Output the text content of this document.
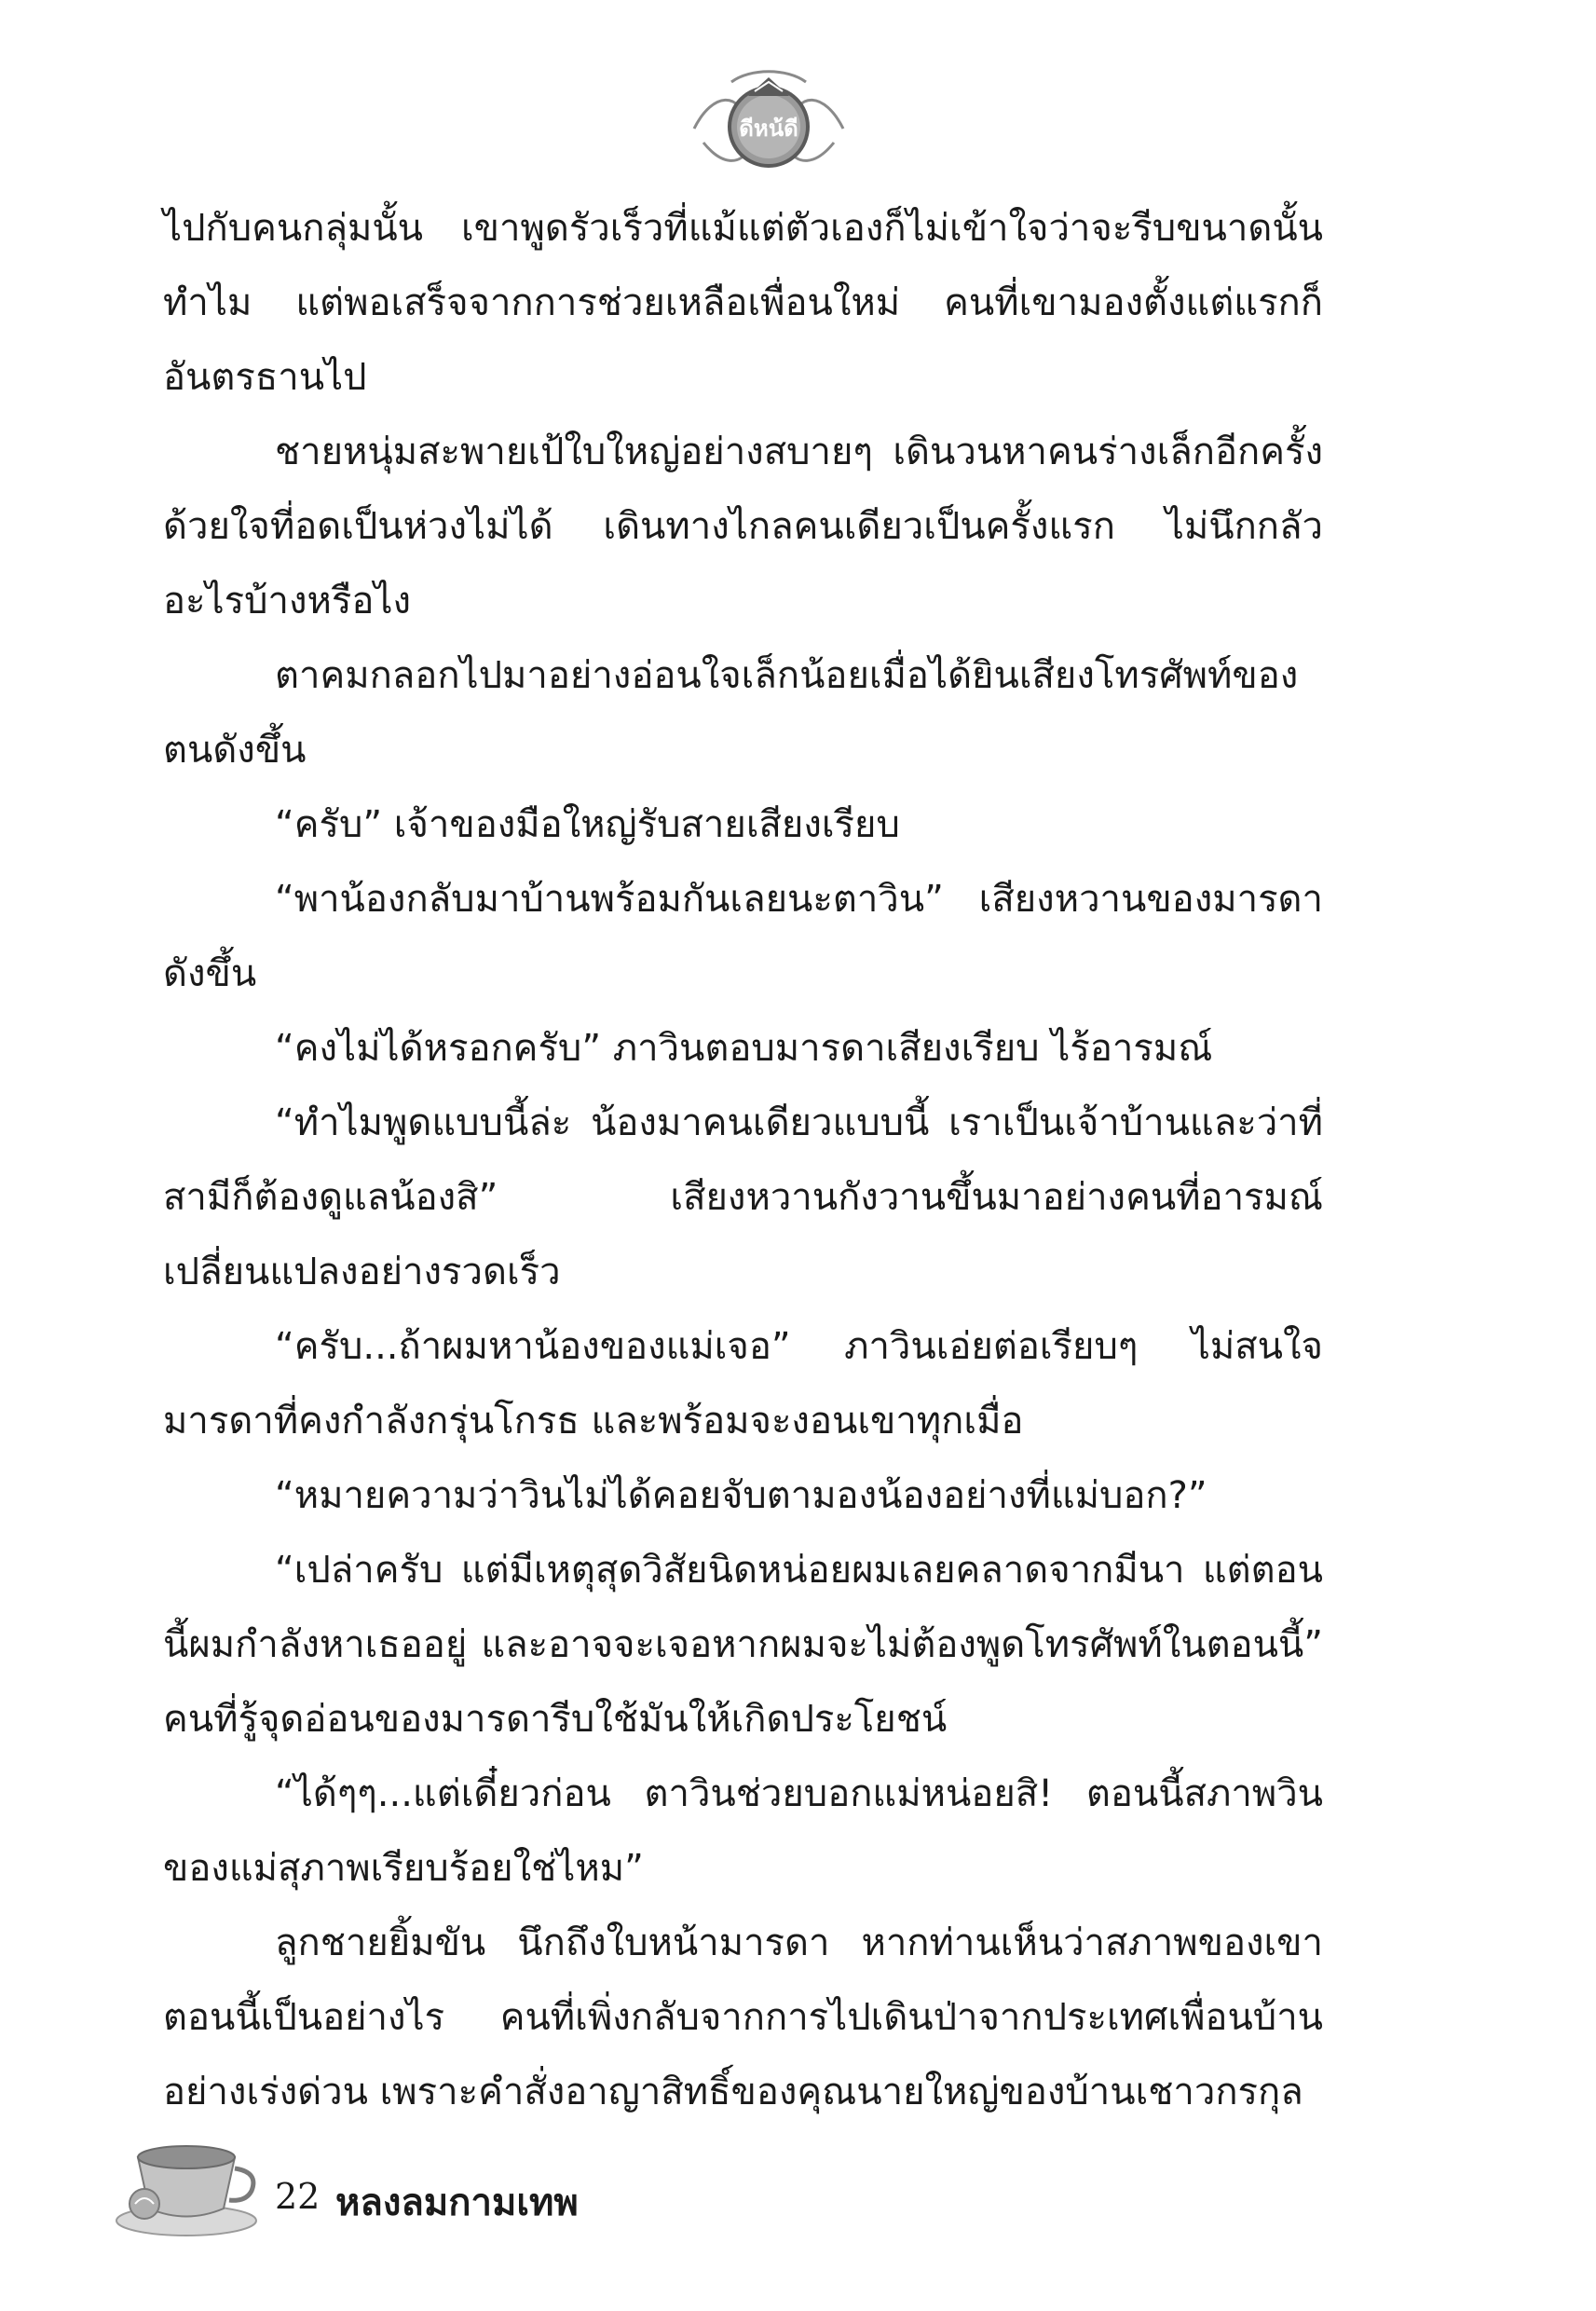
ดีหน้ดี

ไปกับคนกลุ่มนั้น เขาพูดรัวเร็วที่แม้แต่ตัวเองก็ไม่เข้าใจว่าจะรีบขนาดนั้นทำไม แต่พอเสร็จจากการช่วยเหลือเพื่อนใหม่ คนที่เขามองตั้งแต่แรกก็อันตรธานไป

ชายหนุ่มสะพายเป้ใบใหญ่อย่างสบายๆ เดินวนหาคนร่างเล็กอีกครั้งด้วยใจที่อดเป็นห่วงไม่ได้ เดินทางไกลคนเดียวเป็นครั้งแรก ไม่นึกกลัวอะไรบ้างหรือไง

ตาคมกลอกไปมาอย่างอ่อนใจเล็กน้อยเมื่อได้ยินเสียงโทรศัพท์ของตนดังขึ้น

“ครับ” เจ้าของมือใหญ่รับสายเสียงเรียบ

“พาน้องกลับมาบ้านพร้อมกันเลยนะตาวิน” เสียงหวานของมารดาดังขึ้น

“คงไม่ได้หรอกครับ” ภาวินตอบมารดาเสียงเรียบ ไร้อารมณ์

“ทำไมพูดแบบนี้ล่ะ น้องมาคนเดียวแบบนี้ เราเป็นเจ้าบ้านและว่าที่สามีก็ต้องดูแลน้องสิ” เสียงหวานกังวานขึ้นมาอย่างคนที่อารมณ์เปลี่ยนแปลงอย่างรวดเร็ว

“ครับ...ถ้าผมหาน้องของแม่เจอ” ภาวินเอ่ยต่อเรียบๆ ไม่สนใจมารดาที่คงกำลังกรุ่นโกรธ และพร้อมจะงอนเขาทุกเมื่อ

“หมายความว่าวินไม่ได้คอยจับตามองน้องอย่างที่แม่บอก?”

“เปล่าครับ แต่มีเหตุสุดวิสัยนิดหน่อยผมเลยคลาดจากมีนา แต่ตอนนี้ผมกำลังหาเธออยู่ และอาจจะเจอหากผมจะไม่ต้องพูดโทรศัพท์ในตอนนี้” คนที่รู้จุดอ่อนของมารดารีบใช้มันให้เกิดประโยชน์

“ได้ๆๆ...แต่เดี๋ยวก่อน ตาวินช่วยบอกแม่หน่อยสิ! ตอนนี้สภาพวินของแม่สุภาพเรียบร้อยใช่ไหม”

ลูกชายยิ้มขัน นึกถึงใบหน้ามารดา หากท่านเห็นว่าสภาพของเขาตอนนี้เป็นอย่างไร คนที่เพิ่งกลับจากการไปเดินป่าจากประเทศเพื่อนบ้านอย่างเร่งด่วน เพราะคำสั่งอาญาสิทธิ์ของคุณนายใหญ่ของบ้านเชาวกรกุล

22 หลงลมกามเทพ
